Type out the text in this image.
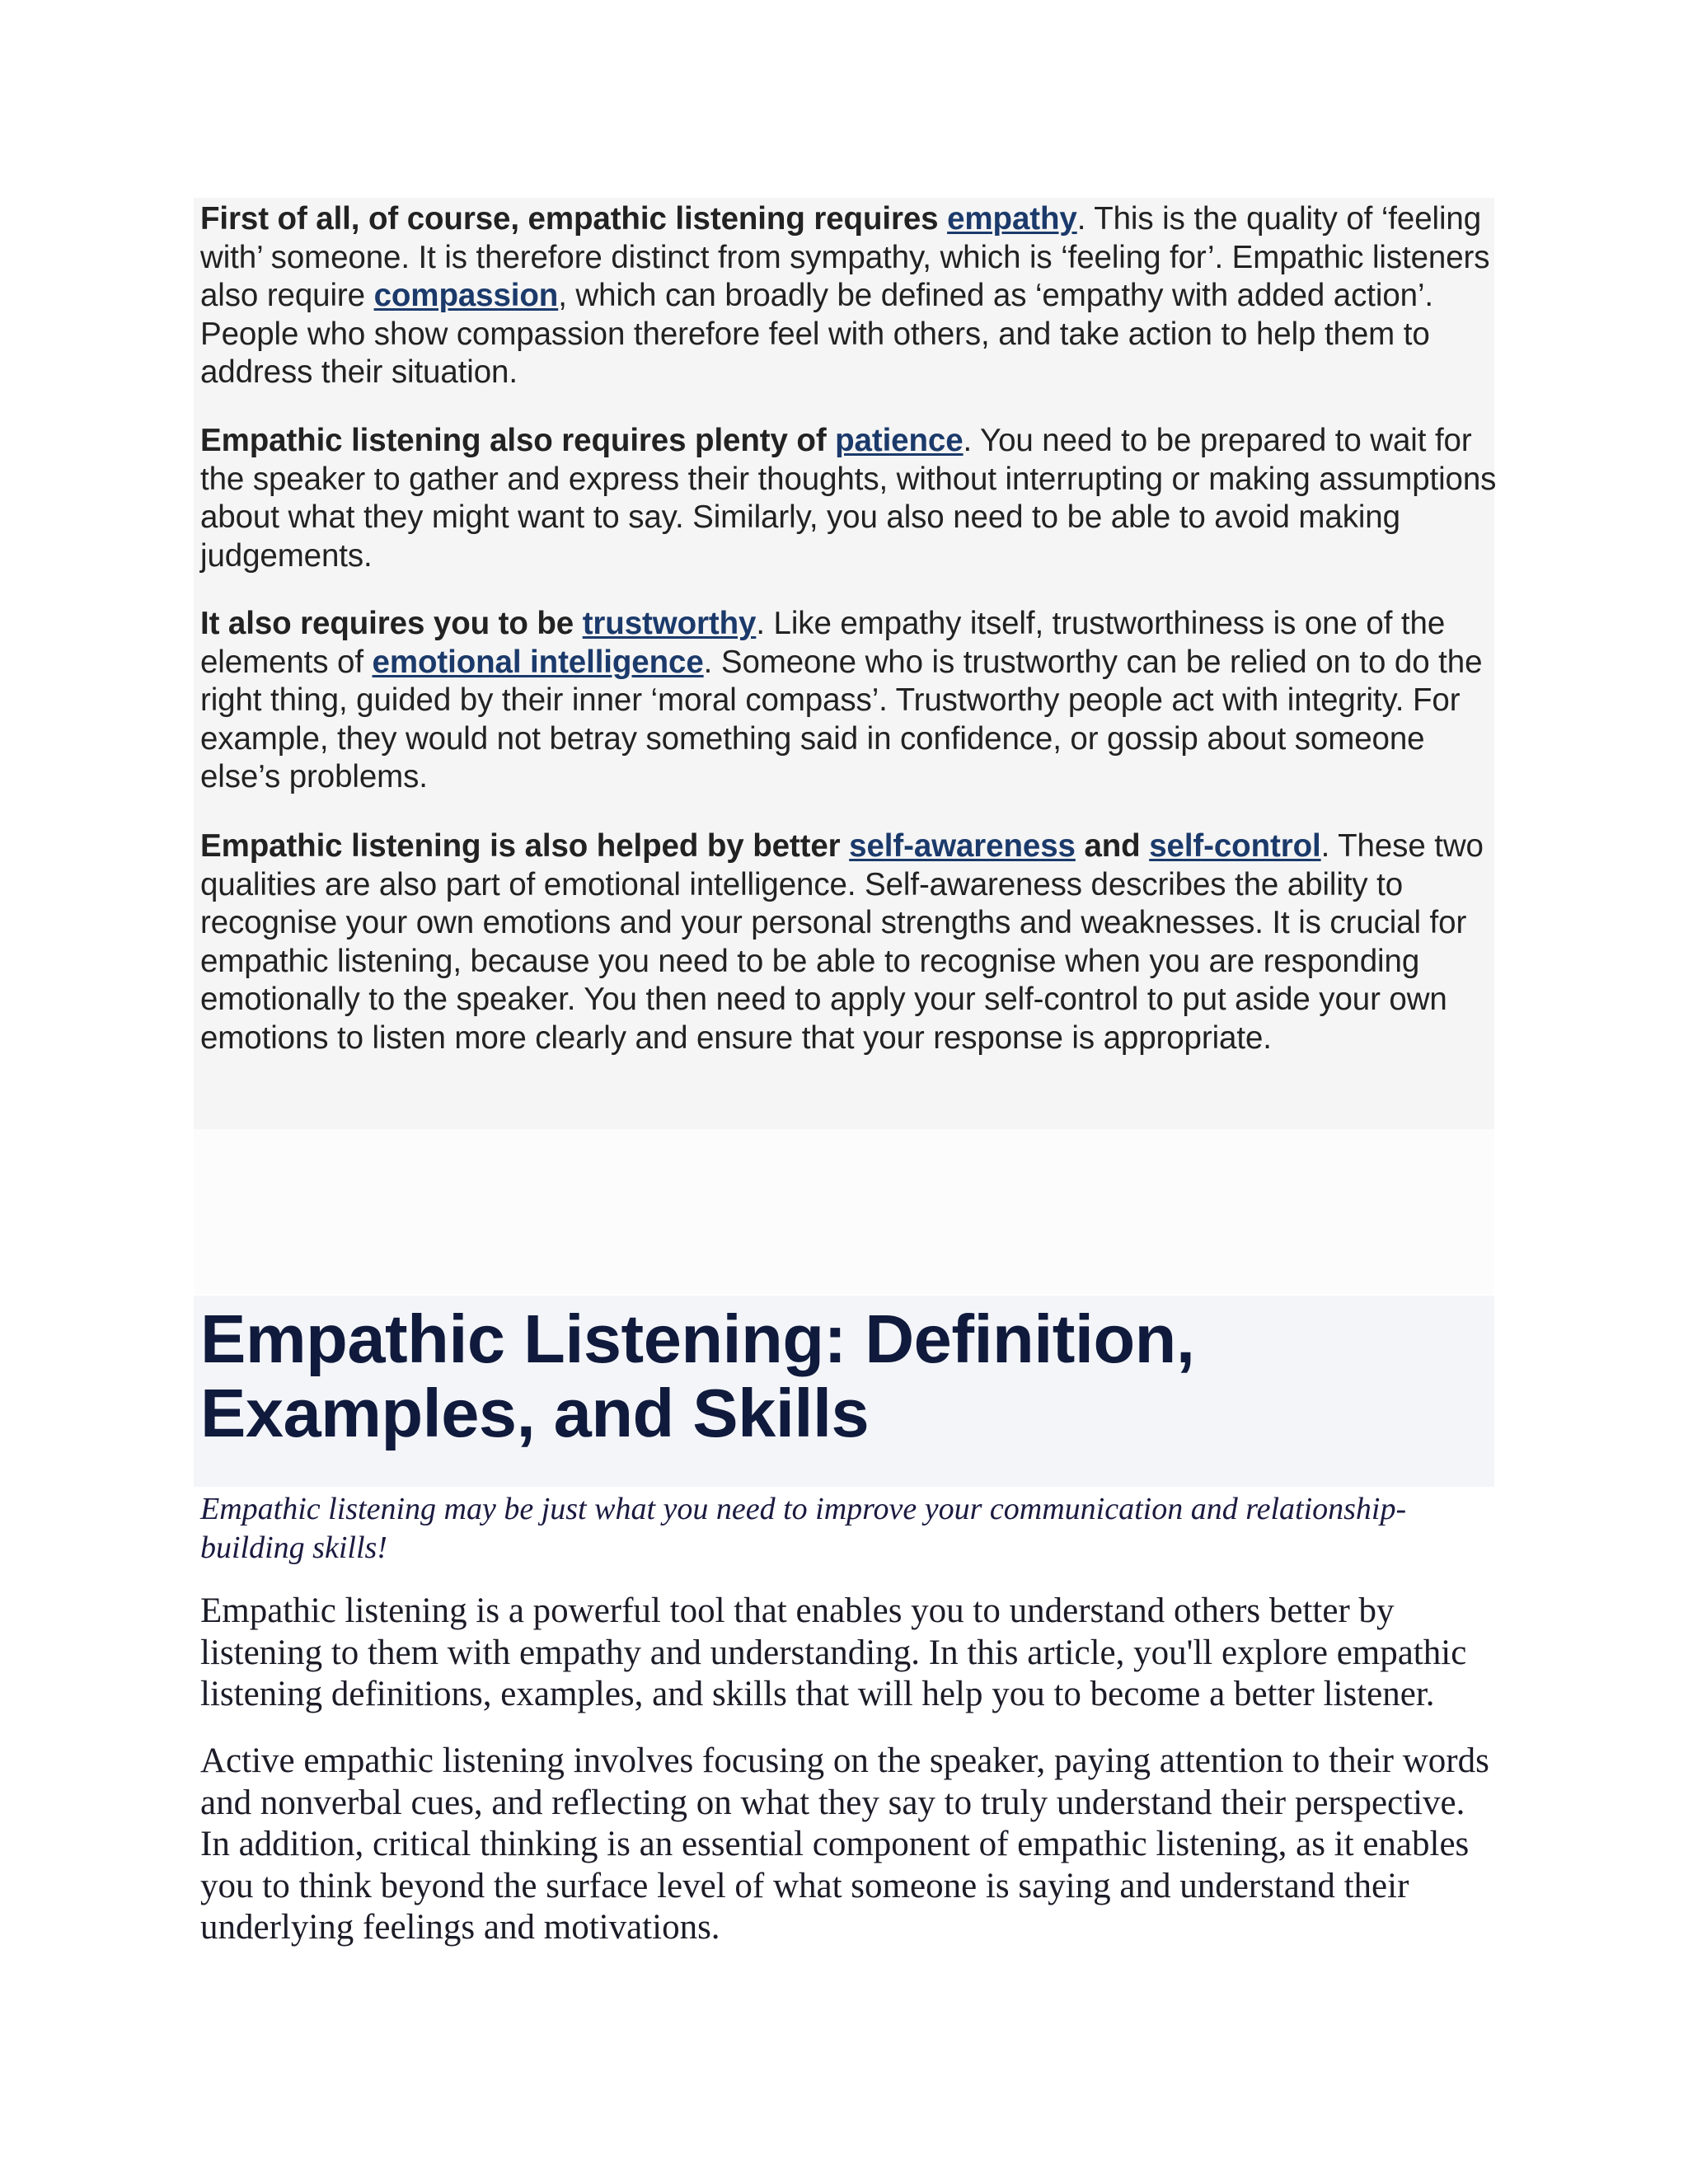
First of all, of course, empathic listening requires empathy. This is the quality of ‘feeling with’ someone. It is therefore distinct from sympathy, which is ‘feeling for’. Empathic listeners also require compassion, which can broadly be defined as ‘empathy with added action’. People who show compassion therefore feel with others, and take action to help them to address their situation.

Empathic listening also requires plenty of patience. You need to be prepared to wait for the speaker to gather and express their thoughts, without interrupting or making assumptions about what they might want to say. Similarly, you also need to be able to avoid making judgements.

It also requires you to be trustworthy. Like empathy itself, trustworthiness is one of the elements of emotional intelligence. Someone who is trustworthy can be relied on to do the right thing, guided by their inner ‘moral compass’. Trustworthy people act with integrity. For example, they would not betray something said in confidence, or gossip about someone else’s problems.

Empathic listening is also helped by better self-awareness and self-control. These two qualities are also part of emotional intelligence. Self-awareness describes the ability to recognise your own emotions and your personal strengths and weaknesses. It is crucial for empathic listening, because you need to be able to recognise when you are responding emotionally to the speaker. You then need to apply your self-control to put aside your own emotions to listen more clearly and ensure that your response is appropriate.

Empathic Listening: Definition, Examples, and Skills

Empathic listening may be just what you need to improve your communication and relationship-building skills!

Empathic listening is a powerful tool that enables you to understand others better by listening to them with empathy and understanding. In this article, you'll explore empathic listening definitions, examples, and skills that will help you to become a better listener.

Active empathic listening involves focusing on the speaker, paying attention to their words and nonverbal cues, and reflecting on what they say to truly understand their perspective. In addition, critical thinking is an essential component of empathic listening, as it enables you to think beyond the surface level of what someone is saying and understand their underlying feelings and motivations.
